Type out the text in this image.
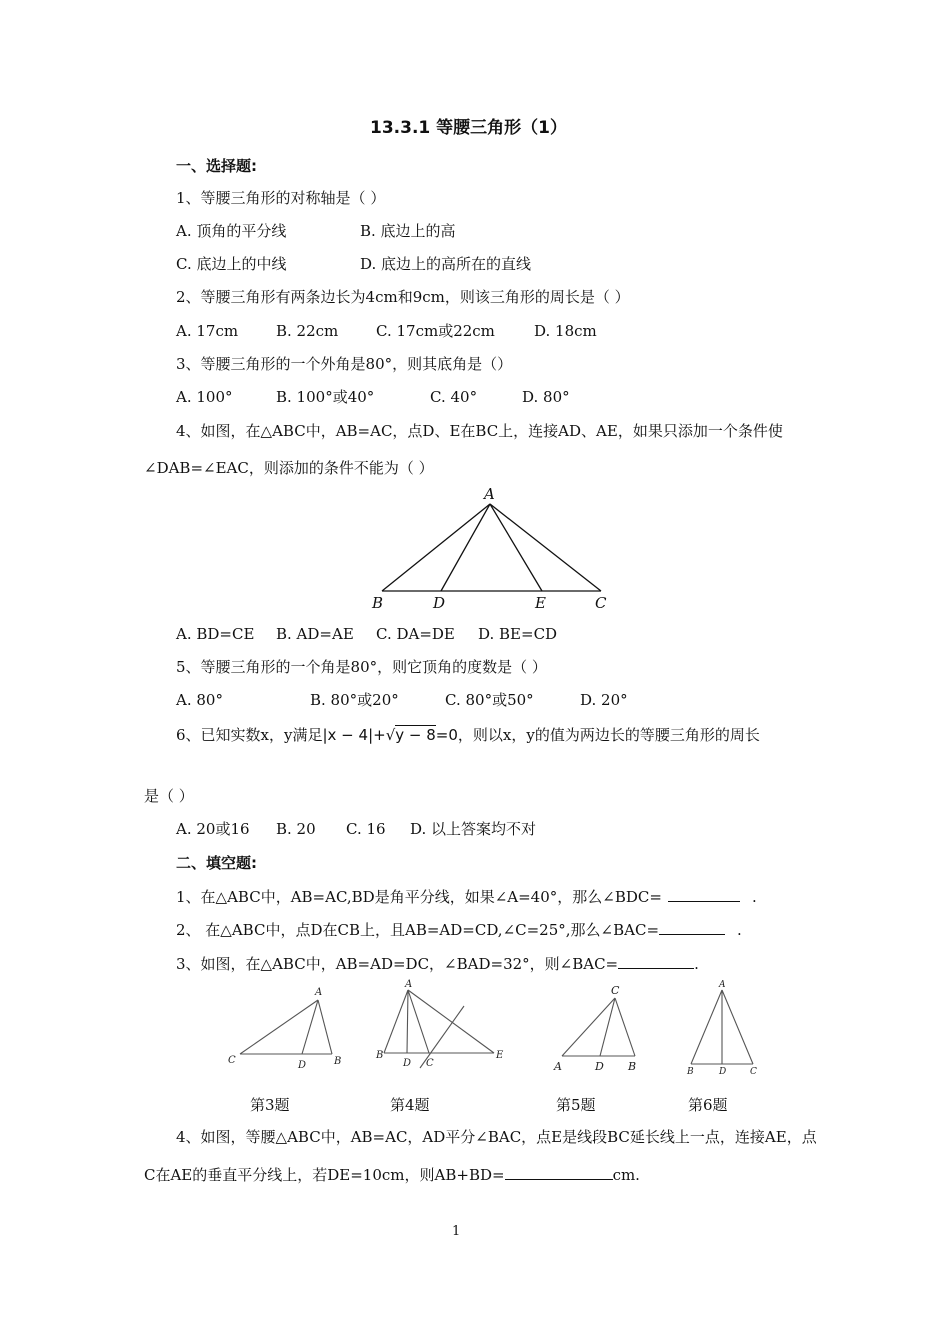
13.3.1 等腰三角形（1）
一、选择题:
1、等腰三角形的对称轴是（ ）
A. 顶角的平分线	B. 底边上的高
C. 底边上的中线	D. 底边上的高所在的直线
2、等腰三角形有两条边长为4cm和9cm，则该三角形的周长是（ ）
A. 17cm	B. 22cm	C. 17cm或22cm	D. 18cm
3、等腰三角形的一个外角是80°，则其底角是（）
A. 100°	B. 100°或40°	C. 40°	D. 80°
4、如图，在△ABC中，AB=AC，点D、E在BC上，连接AD、AE，如果只添加一个条件使
∠DAB=∠EAC，则添加的条件不能为（ ）
A
B	D	E	C
A. BD=CE B. AD=AE C. DA=DE D. BE=CD
5、等腰三角形的一个角是80°，则它顶角的度数是（ ）
A. 80°	B. 80°或20°	C. 80°或50°	D. 20°
6、已知实数x，y满足|x − 4|+√y − 8=0，则以x，y的值为两边长的等腰三角形的周长
是（ ）
A. 20或16 B. 20 C. 16 D. 以上答案均不对
二、填空题:
1、在△ABC中，AB=AC,BD是角平分线，如果∠A=40°，那么∠BDC=	.
2、 在△ABC中，点D在CB上，且AB=AD=CD,∠C=25°,那么∠BAC=	.
3、如图，在△ABC中，AB=AD=DC，∠BAD=32°，则∠BAC=	.
A
C	D	B
A
B
D C
E
C
A	D B
A
B	D	C
第3题	第4题	第5题	第6题
4、如图，等腰△ABC中，AB=AC，AD平分∠BAC，点E是线段BC延长线上一点，连接AE，点
C在AE的垂直平分线上，若DE=10cm，则AB+BD=	cm.
1
